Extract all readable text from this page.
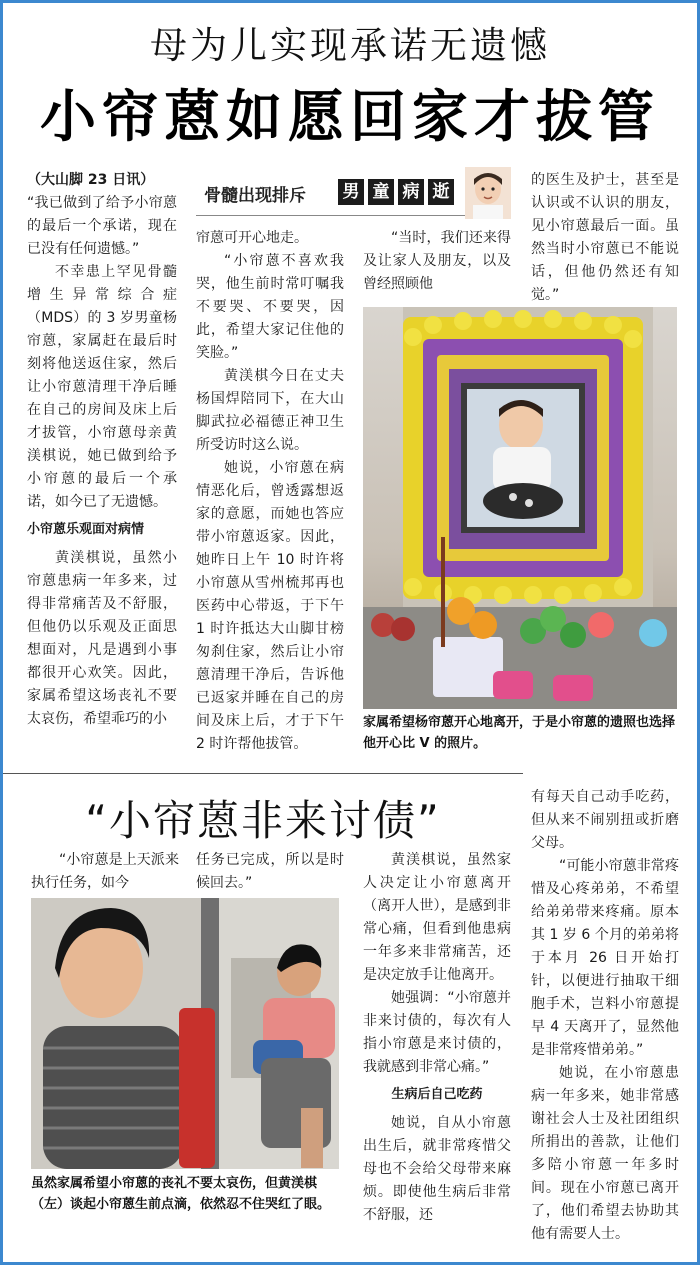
母为儿实现承诺无遗憾
小帘蒽如愿回家才拔管

（大山脚 23 日讯）

“我已做到了给予小帘蒽的最后一个承诺，现在已没有任何遗憾。”

不幸患上罕见骨髓增生异常综合症（MDS）的 3 岁男童杨帘蒽，家属赶在最后时刻将他送返住家，然后让小帘蒽清理干净后睡在自己的房间及床上后才拔管，小帘蒽母亲黄渼棋说，她已做到给予小帘蒽的最后一个承诺，如今已了无遗憾。

小帘蒽乐观面对病情

黄渼棋说，虽然小帘蒽患病一年多来，过得非常痛苦及不舒服，但他仍以乐观及正面思想面对，凡是遇到小事都很开心欢笑。因此，家属希望这场丧礼不要太哀伤，希望乖巧的小

骨髓出现排斥 男 童 病 逝

帘蒽可开心地走。

“小帘蒽不喜欢我哭，他生前时常叮嘱我不要哭、不要哭，因此，希望大家记住他的笑脸。”

黄渼棋今日在丈夫杨国焊陪同下，在大山脚武拉必福德正神卫生所受访时这么说。

她说，小帘蒽在病情恶化后，曾透露想返家的意愿，而她也答应带小帘蒽返家。因此，她昨日上午 10 时许将小帘蒽从雪州梳邦再也医药中心带返，于下午 1 时许抵达大山脚甘榜匆刹住家，然后让小帘蒽清理干净后，告诉他已返家并睡在自己的房间及床上后，才于下午 2 时许帮他拔管。

“当时，我们还来得及让家人及朋友，以及曾经照顾他

的医生及护士，甚至是认识或不认识的朋友，见小帘蒽最后一面。虽然当时小帘蒽已不能说话，但他仍然还有知觉。”

家属希望杨帘蒽开心地离开，于是小帘蒽的遗照也选择他开心比 V 的照片。
“小帘蒽非来讨债”

“小帘蒽是上天派来执行任务，如今

任务已完成，所以是时候回去。”

虽然家属希望小帘蒽的丧礼不要太哀伤，但黄渼棋（左）谈起小帘蒽生前点滴，依然忍不住哭红了眼。

黄渼棋说，虽然家人决定让小帘蒽离开（离开人世），是感到非常心痛，但看到他患病一年多来非常痛苦，还是决定放手让他离开。

她强调：“小帘蒽并非来讨债的，每次有人指小帘蒽是来讨债的，我就感到非常心痛。”

生病后自己吃药

她说，自从小帘蒽出生后，就非常疼惜父母也不会给父母带来麻烦。即使他生病后非常不舒服，还

有每天自己动手吃药，但从来不闹别扭或折磨父母。

“可能小帘蒽非常疼惜及心疼弟弟，不希望给弟弟带来疼痛。原本其 1 岁 6 个月的弟弟将于本月 26 日开始打针，以便进行抽取干细胞手术，岂料小帘蒽提早 4 天离开了，显然他是非常疼惜弟弟。”

她说，在小帘蒽患病一年多来，她非常感谢社会人士及社团组织所捐出的善款，让他们多陪小帘蒽一年多时间。现在小帘蒽已离开了，他们希望去协助其他有需要人士。
